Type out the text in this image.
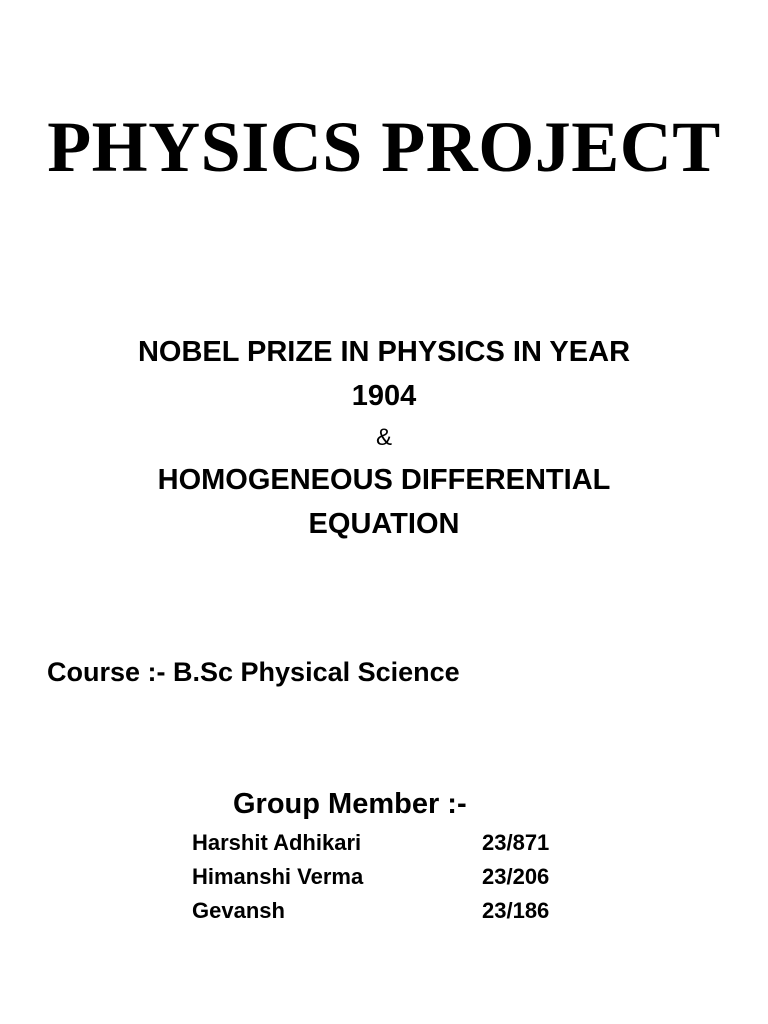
PHYSICS PROJECT
NOBEL PRIZE IN PHYSICS IN YEAR
1904
&
HOMOGENEOUS DIFFERENTIAL
EQUATION
Course :- B.Sc Physical Science
Group Member :-
Harshit Adhikari	23/871
Himanshi Verma	23/206
Gevansh	23/186
